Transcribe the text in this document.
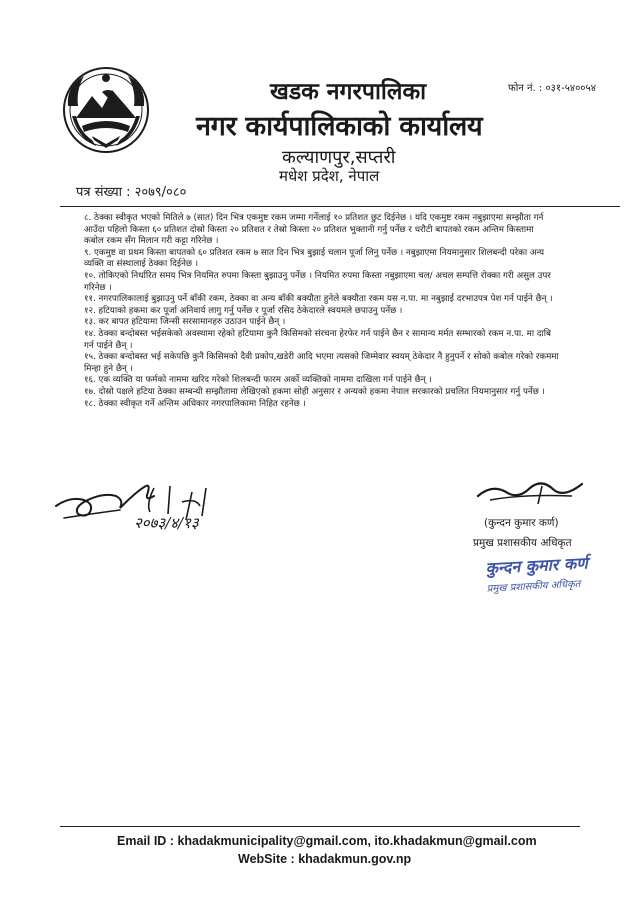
खडक नगरपालिका
नगर कार्यपालिकाको कार्यालय
कल्याणपुर,सप्तरी
मधेश प्रदेश, नेपाल
फोन नं. : ०३१-५४००५४
पत्र संख्या : २०७९/०८०
८. ठेक्का स्वीकृत भएको मितिले ७ (सात) दिन भित्र एकमुष्ट रकम जम्मा गर्नेलाई १० प्रतिशत छुट दिईनेछ । यदि एकमुष्ट रकम नबुझाएमा सम्झौता गर्न
आउँदा पहिलो किस्ता ६० प्रतिशत दोस्रो किस्ता २० प्रतिशत र तेस्रो किस्ता २० प्रतिशत भुक्तानी गर्नु पर्नेछ र धरौटी बापतको रकम अन्तिम किस्तामा
कबोल रकम सँग मिलान गरी कट्टा गरिनेछ ।
९. एकमुष्ट वा प्रथम किस्ता बापतको ६० प्रतिशत रकम ७ सात दिन भित्र बुझाई चलान पूर्जा लिनु पर्नेछ । नबुझाएमा नियमानुसार शिलबन्दी परेका अन्य
व्यक्ति वा संस्थालाई ठेक्का दिईनेछ ।
१०. तोकिएको निर्धारित समय भित्र नियमित रुपमा किस्ता बुझाउनु पर्नेछ । नियमित रुपमा किस्ता नबुझाएमा चल/ अचल सम्पत्ति रोक्का गरी असुल उपर
गरिनेछ ।
११. नगरपालिकालाई बुझाउनु पर्ने बाँकी रकम, ठेक्का वा अन्य बाँकी बक्यौता हुनेले बक्यौता रकम यस न.पा. मा नबुझाई दरभाउपत्र पेश गर्न पाईने छैन् ।
१२. हटियाको हकमा कर पूर्जा अनिवार्य लागु गर्नु पर्नेछ र पूर्जा रसिद ठेकेदारले स्वयमले छपाउनु पर्नेछ ।
१३. कर बापत हटियामा जिन्सी सरसामानहरु उठाउन पाईने छैन् ।
१४. ठेक्का बन्दोबस्त भईसकेको अवस्थामा रहेको हटियामा कुनै किसिमको संरचना हेरफेर गर्न पाईने छैन र सामान्य मर्मत सम्भारको रकम न.पा. मा दाबि
गर्न पाईने छैन् ।
१५. ठेक्का बन्दोबस्त भई सकेपछि कुनै किसिमको दैवी प्रकोप,खडेरी आदि भएमा त्यसको जिम्मेवार स्वयम् ठेकेदार नै हुनुपर्ने र सोको कबोल गरेको रकममा
मिन्हा हुने छैन् ।
१६. एक व्यक्ति या फर्मको नाममा खरिद गरेको शिलबन्दी फारम अर्को व्यक्तिको नाममा दाखिला गर्न पाईने छैन् ।
१७. दोस्रो पक्षले हटिया ठेक्का सम्बन्धी सम्झौतामा लेखिएको हकमा सोही अनुसार र अन्यको हकमा नेपाल सरकारको प्रचलित नियमानुसार गर्नु पर्नेछ ।
१८. ठेक्का स्वीकृत गर्ने अन्तिम अधिकार नगरपालिकामा निहित रहनेछ ।
२०७३/४/१३	(कुन्दन कुमार कर्ण)
प्रमुख प्रशासकीय अधिकृत
कुन्दन कुमार कर्ण
प्रमुख प्रशासकीय अधिकृत
Email ID : khadakmunicipality@gmail.com, ito.khadakmun@gmail.com
WebSite : khadakmun.gov.np
